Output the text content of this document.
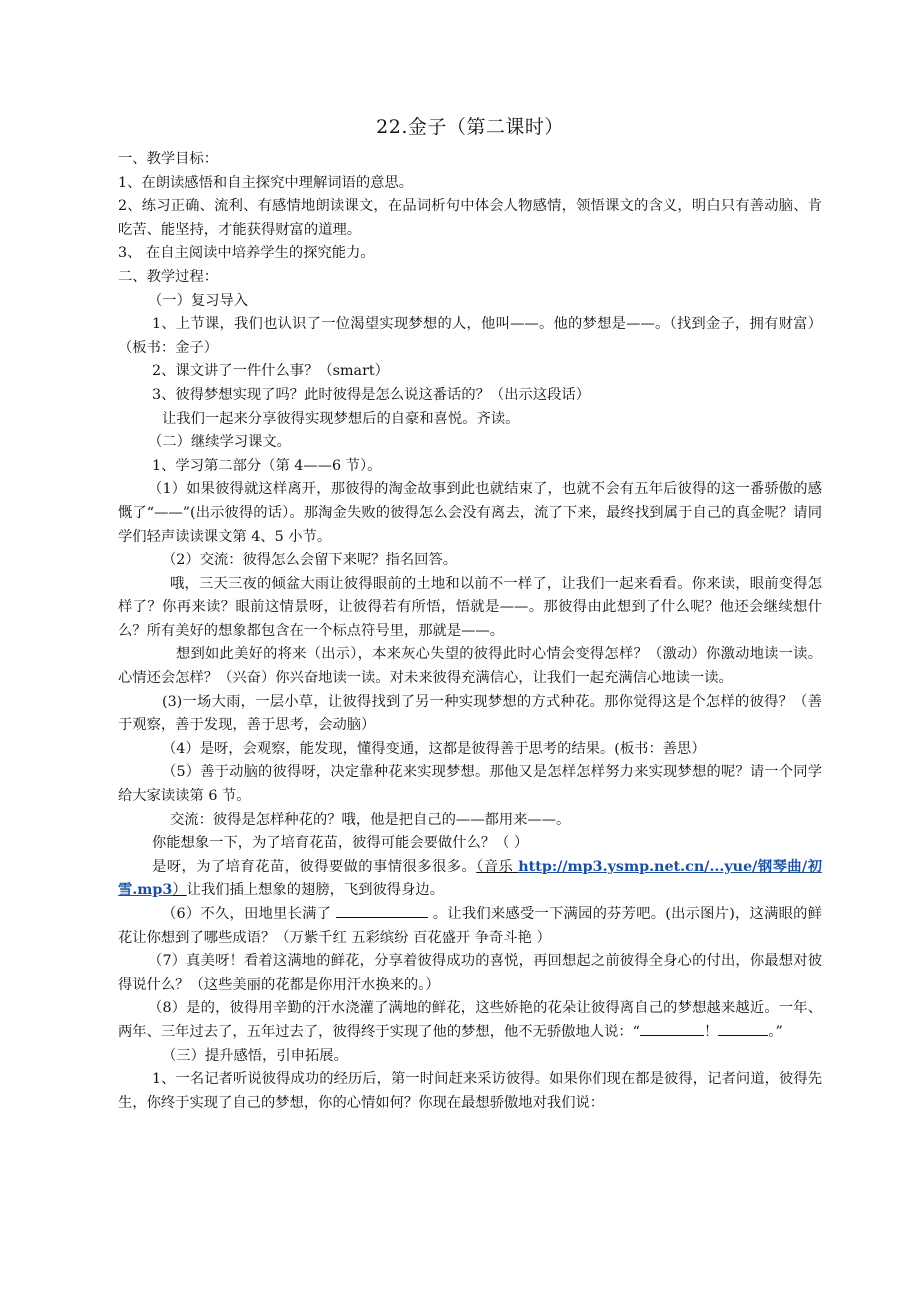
22.金子（第二课时）

一、教学目标：

1、在朗读感悟和自主探究中理解词语的意思。

2、练习正确、流利、有感情地朗读课文，在品词析句中体会人物感情，领悟课文的含义，明白只有善动脑、肯吃苦、能坚持，才能获得财富的道理。

3、 在自主阅读中培养学生的探究能力。

二、教学过程：

（一）复习导入

1、上节课，我们也认识了一位渴望实现梦想的人，他叫——。他的梦想是——。（找到金子，拥有财富）（板书：金子）

2、课文讲了一件什么事？（smart）

3、彼得梦想实现了吗？此时彼得是怎么说这番话的？（出示这段话）

让我们一起来分享彼得实现梦想后的自豪和喜悦。齐读。

（二）继续学习课文。

1、学习第二部分（第 4——6 节）。

（1）如果彼得就这样离开，那彼得的淘金故事到此也就结束了，也就不会有五年后彼得的这一番骄傲的感慨了“——”(出示彼得的话）。那淘金失败的彼得怎么会没有离去，流了下来，最终找到属于自己的真金呢？请同学们轻声读读课文第 4、5 小节。

（2）交流：彼得怎么会留下来呢？指名回答。

哦，三天三夜的倾盆大雨让彼得眼前的土地和以前不一样了，让我们一起来看看。你来读，眼前变得怎样了？你再来读？眼前这情景呀，让彼得若有所悟，悟就是——。那彼得由此想到了什么呢？他还会继续想什么？所有美好的想象都包含在一个标点符号里，那就是——。

想到如此美好的将来（出示），本来灰心失望的彼得此时心情会变得怎样？（激动）你激动地读一读。心情还会怎样？（兴奋）你兴奋地读一读。对未来彼得充满信心，让我们一起充满信心地读一读。

(3)一场大雨，一层小草，让彼得找到了另一种实现梦想的方式种花。那你觉得这是个怎样的彼得？（善于观察，善于发现，善于思考，会动脑）

（4）是呀，会观察，能发现，懂得变通，这都是彼得善于思考的结果。(板书：善思）

（5）善于动脑的彼得呀，决定靠种花来实现梦想。那他又是怎样怎样努力来实现梦想的呢？请一个同学给大家读读第 6 节。

交流：彼得是怎样种花的？哦，他是把自己的——都用来——。

你能想象一下，为了培育花苗，彼得可能会要做什么？（ ）

是呀，为了培育花苗，彼得要做的事情很多很多。（音乐 http://mp3.ysmp.net.cn/...yue/钢琴曲/初雪.mp3）让我们插上想象的翅膀，飞到彼得身边。

（6）不久，田地里长满了	。让我们来感受一下满园的芬芳吧。(出示图片)，这满眼的鲜花让你想到了哪些成语？（万紫千红 五彩缤纷 百花盛开 争奇斗艳 ）

（7）真美呀！看着这满地的鲜花，分享着彼得成功的喜悦，再回想起之前彼得全身心的付出，你最想对彼得说什么？（这些美丽的花都是你用汗水换来的。）

（8）是的，彼得用辛勤的汗水浇灌了满地的鲜花，这些娇艳的花朵让彼得离自己的梦想越来越近。一年、两年、三年过去了，五年过去了，彼得终于实现了他的梦想，他不无骄傲地人说：“	！	。”

（三）提升感悟，引申拓展。

1、一名记者听说彼得成功的经历后，第一时间赶来采访彼得。如果你们现在都是彼得，记者问道，彼得先生，你终于实现了自己的梦想，你的心情如何？你现在最想骄傲地对我们说：
